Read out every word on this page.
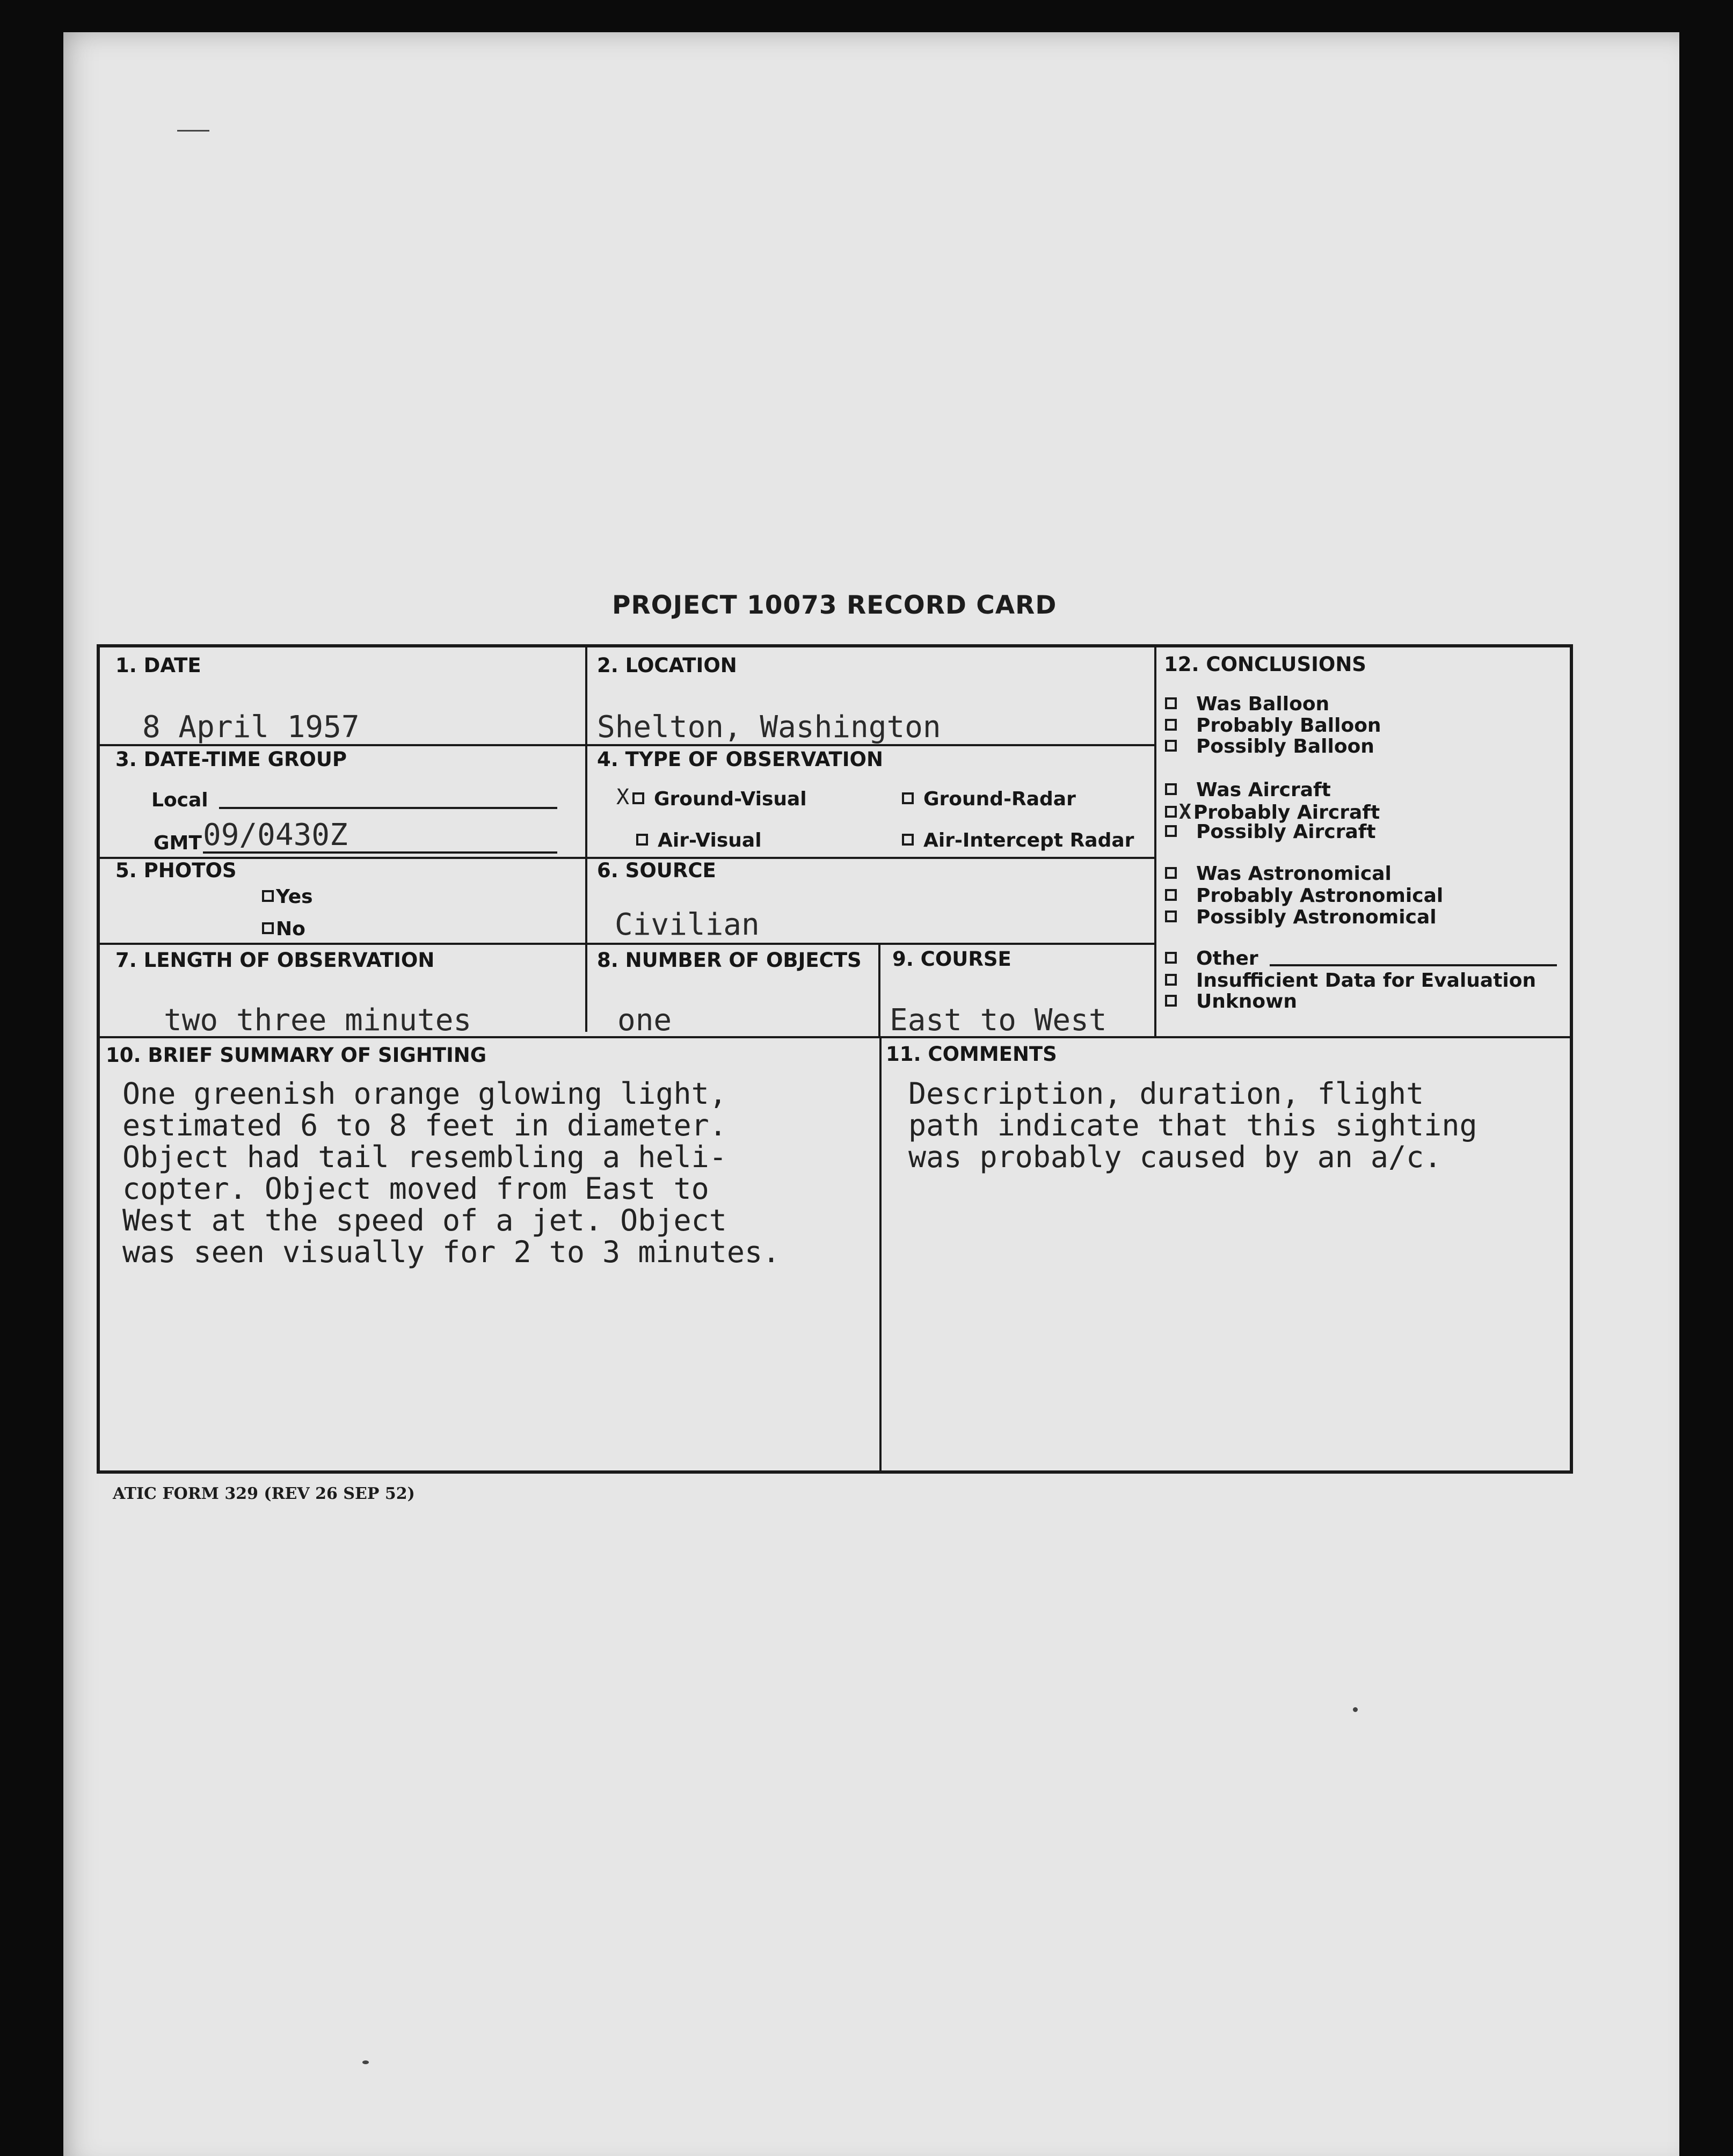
PROJECT 10073 RECORD CARD
1. DATE
8 April 1957
2. LOCATION
Shelton, Washington
3. DATE-TIME GROUP
Local
GMT 09/0430Z
4. TYPE OF OBSERVATION
X	Ground-Visual	Ground-Radar
Air-Visual	Air-Intercept Radar
5. PHOTOS
Yes
No
6. SOURCE
Civilian
7. LENGTH OF OBSERVATION
two three minutes
8. NUMBER OF OBJECTS
one
9. COURSE
East to West
10. BRIEF SUMMARY OF SIGHTING
One greenish orange glowing light,
estimated 6 to 8 feet in diameter.
Object had tail resembling a heli-
copter. Object moved from East to
West at the speed of a jet. Object
was seen visually for 2 to 3 minutes.
11. COMMENTS
Description, duration, flight
path indicate that this sighting
was probably caused by an a/c.
12. CONCLUSIONS
Was Balloon
Probably Balloon
Possibly Balloon
Was Aircraft
X Probably Aircraft
Possibly Aircraft
Was Astronomical
Probably Astronomical
Possibly Astronomical
Other
Insufficient Data for Evaluation
Unknown
ATIC FORM 329 (REV 26 SEP 52)
